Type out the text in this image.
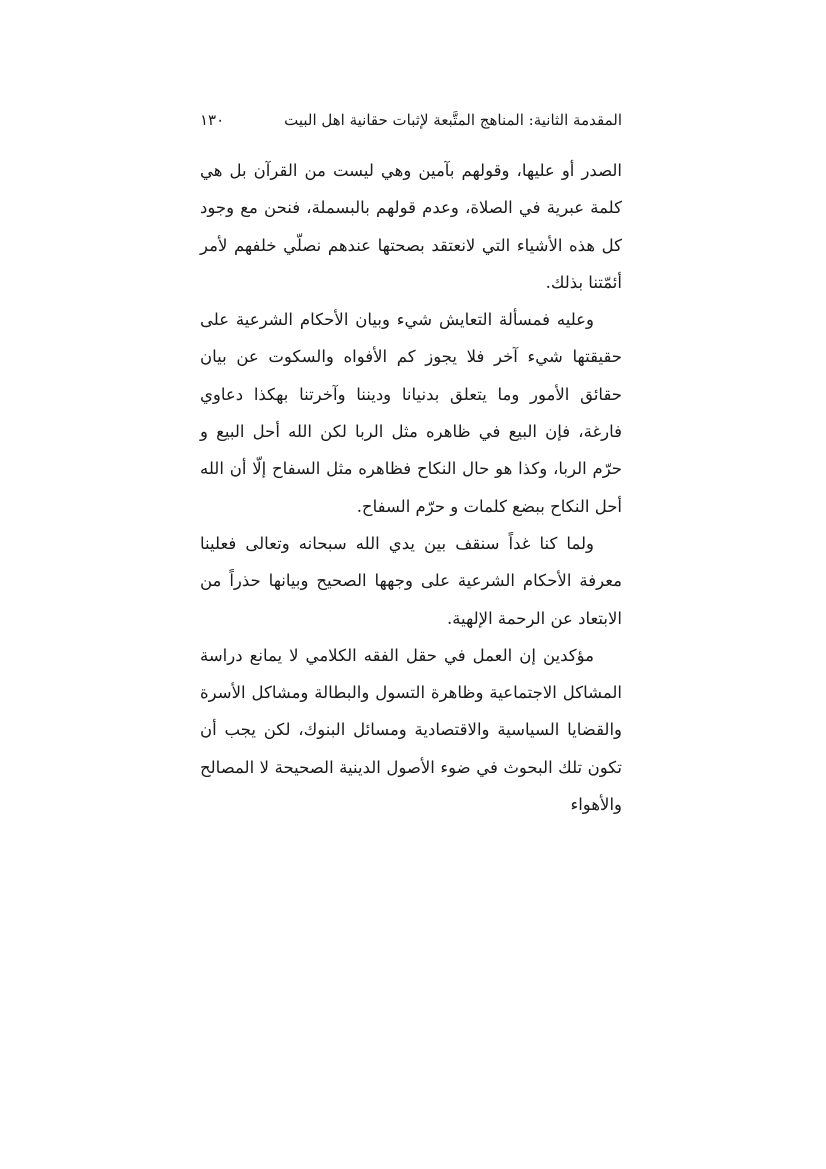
المقدمة الثانية: المناهج المتَّبعة لإثبات حقانية اهل البيت
١٣٠

الصدر أو عليها، وقولهم بآمين وهي ليست من القرآن بل هي كلمة عبرية في الصلاة، وعدم قولهم بالبسملة، فنحن مع وجود كل هذه الأشياء التي لانعتقد بصحتها عندهم نصلّي خلفهم لأمر أئمّتنا بذلك.

وعليه فمسألة التعايش شيء وبيان الأحكام الشرعية على حقيقتها شيء آخر فلا يجوز كم الأفواه والسكوت عن بيان حقائق الأمور وما يتعلق بدنيانا وديننا وآخرتنا بهكذا دعاوي فارغة، فإن البيع في ظاهره مثل الربا لكن الله أحل البيع و حرّم الربا، وكذا هو حال النكاح فظاهره مثل السفاح إلّا أن الله أحل النكاح ببضع كلمات و حرّم السفاح.

ولما كنا غداً سنقف بين يدي الله سبحانه وتعالى فعلينا معرفة الأحكام الشرعية على وجهها الصحيح وبيانها حذراً من الابتعاد عن الرحمة الإلهية.

مؤكدين إن العمل في حقل الفقه الكلامي لا يمانع دراسة المشاكل الاجتماعية وظاهرة التسول والبطالة ومشاكل الأسرة والقضايا السياسية والاقتصادية ومسائل البنوك، لكن يجب أن تكون تلك البحوث في ضوء الأصول الدينية الصحيحة لا المصالح والأهواء
